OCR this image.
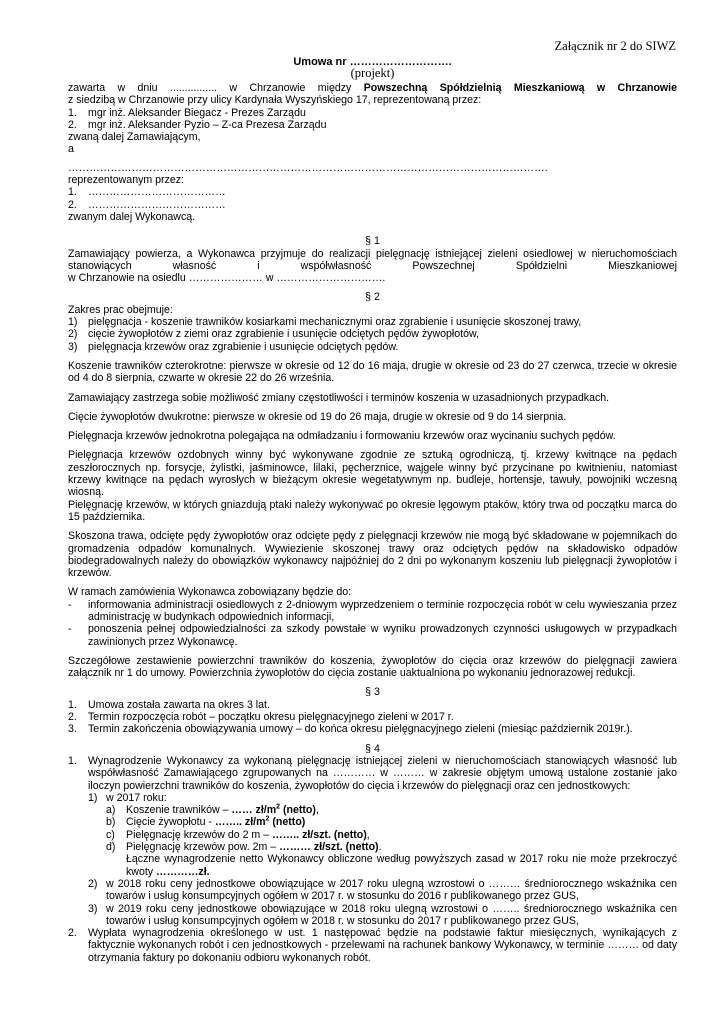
Załącznik nr 2 do SIWZ
Umowa nr ……………………….
(projekt)

zawarta w dniu ................ w Chrzanowie między Powszechną Spółdzielnią Mieszkaniową w Chrzanowie

z siedzibą w Chrzanowie przy ulicy Kardynała Wyszyńskiego 17, reprezentowaną przez:

1.	mgr inż. Aleksander Biegacz - Prezes Zarządu
2.	mgr inż. Aleksander Pyzio – Z-ca Prezesa Zarządu

zwaną dalej Zamawiającym,

a

……………………………………………………………………………………………………………………….

reprezentowanym przez:

1.	…………………………………
2.	…………………………………

zwanym dalej Wykonawcą.

§ 1

Zamawiający powierza, a Wykonawca przyjmuje do realizacji pielęgnację istniejącej zieleni osiedlowej w nieruchomościach stanowiących własność i współwłasność Powszechnej Spółdzielni Mieszkaniowej

w Chrzanowie na osiedlu ………………… w ………………………….

§ 2

Zakres prac obejmuje:

1) pielęgnacja - koszenie trawników kosiarkami mechanicznymi oraz zgrabienie i usunięcie skoszonej trawy,
2) cięcie żywopłotów z ziemi oraz zgrabienie i usunięcie odciętych pędów żywopłotów,
3) pielęgnacja krzewów oraz zgrabienie i usunięcie odciętych pędów.

Koszenie trawników czterokrotne: pierwsze w okresie od 12 do 16 maja, drugie w okresie od 23 do 27 czerwca, trzecie w okresie od 4 do 8 sierpnia, czwarte w okresie 22 do 26 września.

Zamawiający zastrzega sobie możliwość zmiany częstotliwości i terminów koszenia w uzasadnionych przypadkach.

Cięcie żywopłotów dwukrotne: pierwsze w okresie od 19 do 26 maja, drugie w okresie od 9 do 14 sierpnia.

Pielęgnacja krzewów jednokrotna polegająca na odmładzaniu i formowaniu krzewów oraz wycinaniu suchych pędów.

Pielęgnacja krzewów ozdobnych winny być wykonywane zgodnie ze sztuką ogrodniczą, tj. krzewy kwitnące na pędach zeszłorocznych np. forsycje, żylistki, jaśminowce, lilaki, pęcherznice, wajgele winny być przycinane po kwitnieniu, natomiast krzewy kwitnące na pędach wyrosłych w bieżącym okresie wegetatywnym np. budleje, hortensje, tawuły, powojniki wczesną wiosną.

Pielęgnację krzewów, w których gniazdują ptaki należy wykonywać po okresie lęgowym ptaków, który trwa od początku marca do 15 października.

Skoszona trawa, odcięte pędy żywopłotów oraz odcięte pędy z pielęgnacji krzewów nie mogą być składowane w pojemnikach do gromadzenia odpadów komunalnych. Wywiezienie skoszonej trawy oraz odciętych pędów na składowisko odpadów biodegradowalnych należy do obowiązków wykonawcy najpóźniej do 2 dni po wykonanym koszeniu lub pielęgnacji żywopłotów i krzewów.

W ramach zamówienia Wykonawca zobowiązany będzie do:

-	informowania administracji osiedlowych z 2-dniowym wyprzedzeniem o terminie rozpoczęcia robót w celu wywieszania przez administrację w budynkach odpowiednich informacji,
-	ponoszenia pełnej odpowiedzialności za szkody powstałe w wyniku prowadzonych czynności usługowych w przypadkach zawinionych przez Wykonawcę.

Szczegółowe zestawienie powierzchni trawników do koszenia, żywopłotów do cięcia oraz krzewów do pielęgnacji zawiera załącznik nr 1 do umowy. Powierzchnia żywopłotów do cięcia zostanie uaktualniona po wykonaniu jednorazowej redukcji.

§ 3

1.	Umowa została zawarta na okres 3 lat.
2.	Termin rozpoczęcia robót – początku okresu pielęgnacyjnego zieleni w 2017 r.
3.	Termin zakończenia obowiązywania umowy – do końca okresu pielęgnacyjnego zieleni (miesiąc październik 2019r.).

§ 4

1.	Wynagrodzenie Wykonawcy za wykonaną pielęgnację istniejącej zieleni w nieruchomościach stanowiących własność lub współwłasność Zamawiającego zgrupowanych na ………… w ……… w zakresie objętym umową ustalone zostanie jako iloczyn powierzchni trawników do koszenia, żywopłotów do cięcia i krzewów do pielęgnacji oraz cen jednostkowych:
1) w 2017 roku:
a) Koszenie trawników – …… $zł/m^2$ (netto),
b) Cięcie żywopłotu - …….. $zł/m^2$ (netto)
c)	Pielęgnację krzewów do 2 m – …….. zł/szt. (netto),
d) Pielęgnację krzewów pow. 2m – ……… zł/szt. (netto).

Łączne wynagrodzenie netto Wykonawcy obliczone według powyższych zasad w 2017 roku nie może przekroczyć kwoty …………zł.

2) w 2018 roku ceny jednostkowe obowiązujące w 2017 roku ulegną wzrostowi o ……… średniorocznego wskaźnika cen towarów i usług konsumpcyjnych ogółem w 2017 r. w stosunku do 2016 r publikowanego przez GUS,
3) w 2019 roku ceny jednostkowe obowiązujące w 2018 roku ulegną wzrostowi o …….. średniorocznego wskaźnika cen towarów i usług konsumpcyjnych ogółem w 2018 r. w stosunku do 2017 r publikowanego przez GUS,
2.	Wypłata wynagrodzenia określonego w ust. 1 następować będzie na podstawie faktur miesięcznych, wynikających z faktycznie wykonanych robót i cen jednostkowych - przelewami na rachunek bankowy Wykonawcy, w terminie ……… od daty otrzymania faktury po dokonaniu odbioru wykonanych robót.
